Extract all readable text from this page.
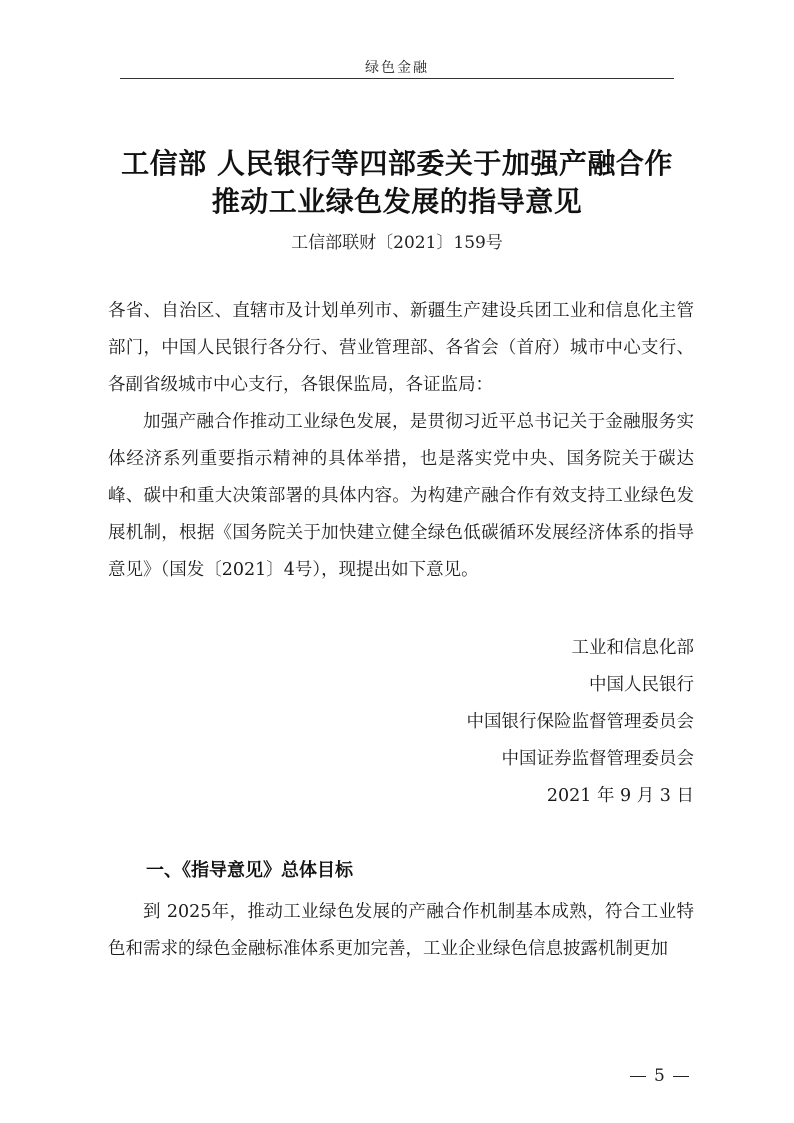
绿色金融
工信部 人民银行等四部委关于加强产融合作
推动工业绿色发展的指导意见
工信部联财〔2021〕159号

各省、自治区、直辖市及计划单列市、新疆生产建设兵团工业和信息化主管部门，中国人民银行各分行、营业管理部、各省会（首府）城市中心支行、各副省级城市中心支行，各银保监局，各证监局：

加强产融合作推动工业绿色发展，是贯彻习近平总书记关于金融服务实体经济系列重要指示精神的具体举措，也是落实党中央、国务院关于碳达峰、碳中和重大决策部署的具体内容。为构建产融合作有效支持工业绿色发展机制，根据《国务院关于加快建立健全绿色低碳循环发展经济体系的指导意见》（国发〔2021〕4号），现提出如下意见。

工业和信息化部
中国人民银行
中国银行保险监督管理委员会
中国证券监督管理委员会
2021 年 9 月 3 日
一、《指导意见》总体目标

到 2025年，推动工业绿色发展的产融合作机制基本成熟，符合工业特色和需求的绿色金融标准体系更加完善，工业企业绿色信息披露机制更加

5
